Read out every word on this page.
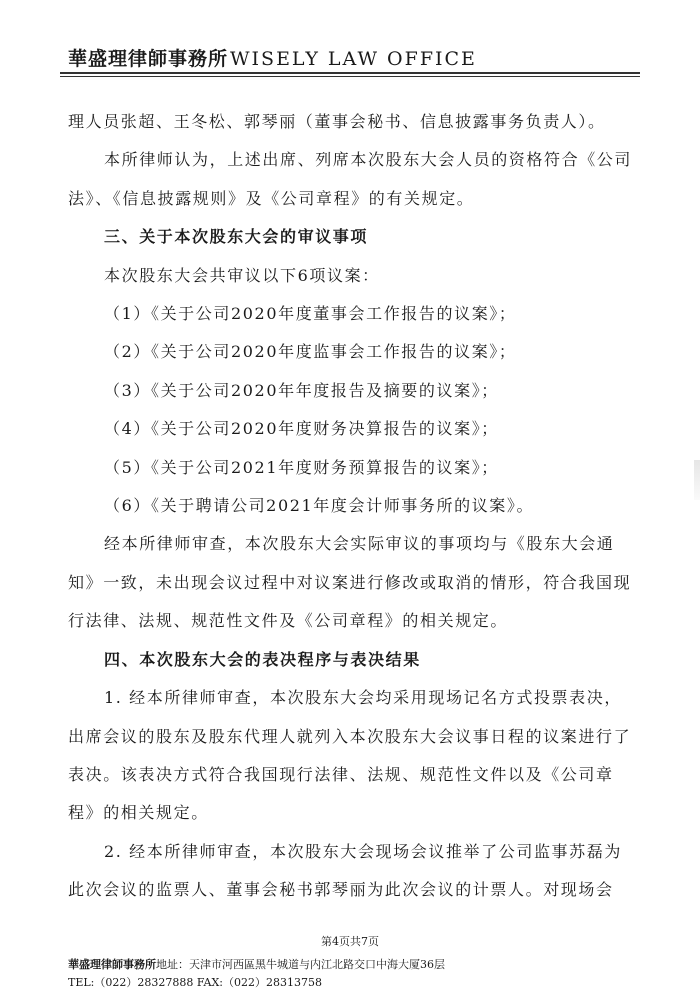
華盛理律師事務所 WISELY LAW OFFICE

理人员张超、王冬松、郭琴丽（董事会秘书、信息披露事务负责人）。

本所律师认为，上述出席、列席本次股东大会人员的资格符合《公司法》、《信息披露规则》及《公司章程》的有关规定。

三、关于本次股东大会的审议事项

本次股东大会共审议以下6项议案：

（1）《关于公司2020年度董事会工作报告的议案》；

（2）《关于公司2020年度监事会工作报告的议案》；

（3）《关于公司2020年年度报告及摘要的议案》；

（4）《关于公司2020年度财务决算报告的议案》；

（5）《关于公司2021年度财务预算报告的议案》；

（6）《关于聘请公司2021年度会计师事务所的议案》。

经本所律师审查，本次股东大会实际审议的事项均与《股东大会通知》一致，未出现会议过程中对议案进行修改或取消的情形，符合我国现行法律、法规、规范性文件及《公司章程》的相关规定。

四、本次股东大会的表决程序与表决结果

1. 经本所律师审查，本次股东大会均采用现场记名方式投票表决，出席会议的股东及股东代理人就列入本次股东大会议事日程的议案进行了表决。该表决方式符合我国现行法律、法规、规范性文件以及《公司章程》的相关规定。

2. 经本所律师审查，本次股东大会现场会议推举了公司监事苏磊为此次会议的监票人、董事会秘书郭琴丽为此次会议的计票人。对现场会

第4页共7页
華盛理律師事務所地址：天津市河西區黑牛城道与内江北路交口中海大厦36层
TEL:（022）28327888 FAX:（022）28313758
